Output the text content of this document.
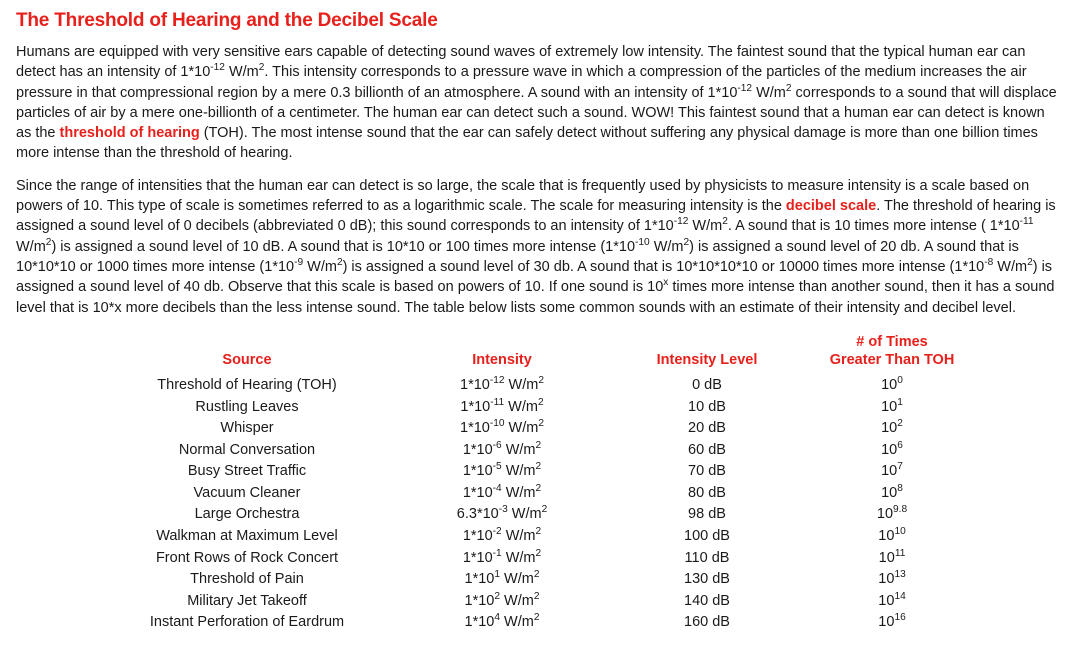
The Threshold of Hearing and the Decibel Scale

Humans are equipped with very sensitive ears capable of detecting sound waves of extremely low intensity. The faintest sound that the typical human ear can detect has an intensity of $1*10^{-12}$ $W/m^2$. This intensity corresponds to a pressure wave in which a compression of the particles of the medium increases the air pressure in that compressional region by a mere 0.3 billionth of an atmosphere. A sound with an intensity of $1*10^{-12}$ $W/m^2$ corresponds to a sound that will displace particles of air by a mere one-billionth of a centimeter. The human ear can detect such a sound. WOW! This faintest sound that a human ear can detect is known as the threshold of hearing (TOH). The most intense sound that the ear can safely detect without suffering any physical damage is more than one billion times more intense than the threshold of hearing.

Since the range of intensities that the human ear can detect is so large, the scale that is frequently used by physicists to measure intensity is a scale based on powers of 10. This type of scale is sometimes referred to as a logarithmic scale. The scale for measuring intensity is the decibel scale. The threshold of hearing is assigned a sound level of 0 decibels (abbreviated 0 dB); this sound corresponds to an intensity of $1*10^{-12}$ $W/m^2$. A sound that is 10 times more intense ( $1*10^{-11}$ $W/m^2$) is assigned a sound level of 10 dB. A sound that is 10*10 or 100 times more intense ($1*10^{-10}$ $W/m^2$) is assigned a sound level of 20 db. A sound that is 10*10*10 or 1000 times more intense ($1*10^{-9}$ $W/m^2$) is assigned a sound level of 30 db. A sound that is 10*10*10*10 or 10000 times more intense ($1*10^{-8}$ $W/m^2$) is assigned a sound level of 40 db. Observe that this scale is based on powers of 10. If one sound is 10$^x$ times more intense than another sound, then it has a sound level that is 10*x more decibels than the less intense sound. The table below lists some common sounds with an estimate of their intensity and decibel level.

Source	Intensity	Intensity Level	# of Times
Greater Than TOH
Threshold of Hearing (TOH)	$1*10^{-12}$ $W/m^2$	0 dB	$10^0$
Rustling Leaves	$1*10^{-11}$ $W/m^2$	10 dB	$10^1$
Whisper	$1*10^{-10}$ $W/m^2$	20 dB	$10^2$
Normal Conversation	$1*10^{-6}$ $W/m^2$	60 dB	$10^6$
Busy Street Traffic	$1*10^{-5}$ $W/m^2$	70 dB	$10^7$
Vacuum Cleaner	$1*10^{-4}$ $W/m^2$	80 dB	$10^8$
Large Orchestra	$6.3*10^{-3}$ $W/m^2$	98 dB	$10^{9.8}$
Walkman at Maximum Level	$1*10^{-2}$ $W/m^2$	100 dB	$10^{10}$
Front Rows of Rock Concert	$1*10^{-1}$ $W/m^2$	110 dB	$10^{11}$
Threshold of Pain	$1*10^1$ $W/m^2$	130 dB	$10^{13}$
Military Jet Takeoff	$1*10^2$ $W/m^2$	140 dB	$10^{14}$
Instant Perforation of Eardrum	$1*10^4$ $W/m^2$	160 dB	$10^{16}$
